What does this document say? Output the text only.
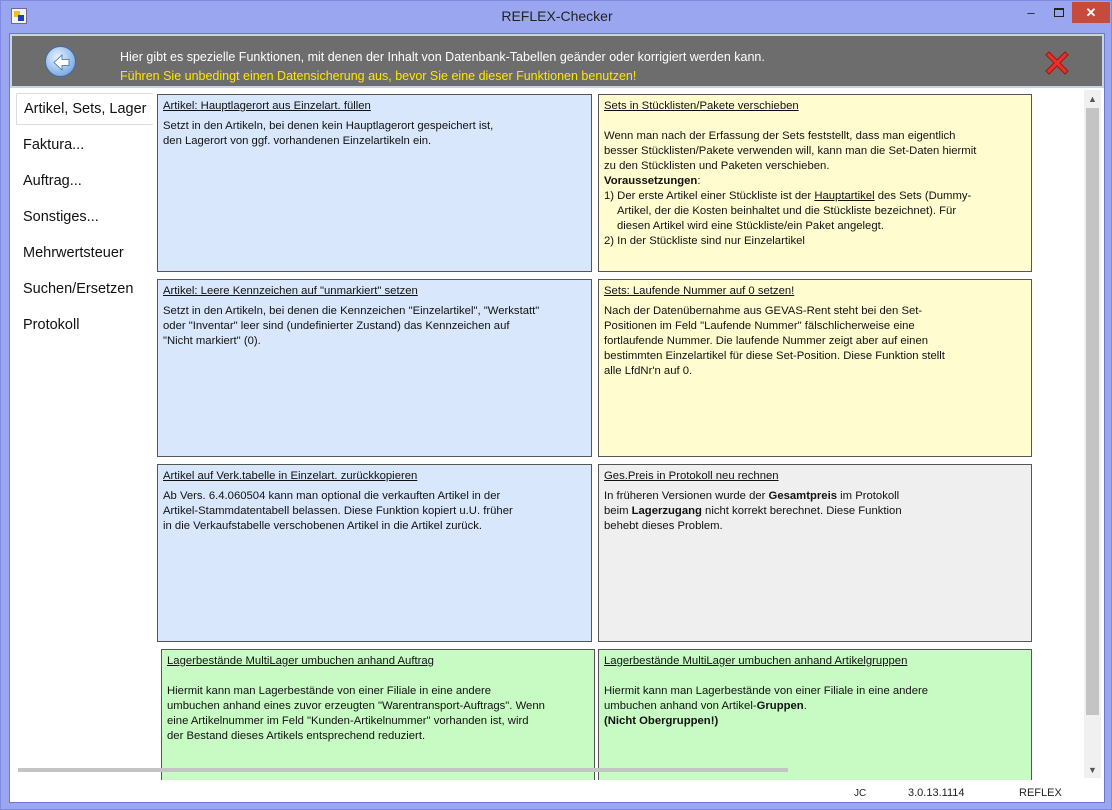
REFLEX-Checker	–	✕
Hier gibt es spezielle Funktionen, mit denen der Inhalt von Datenbank-Tabellen geänder oder korrigiert werden kann.
Führen Sie unbedingt einen Datensicherung aus, bevor Sie eine dieser Funktionen benutzen!
Artikel, Sets, Lager
Faktura...
Auftrag...
Sonstiges...
Mehrwertsteuer
Suchen/Ersetzen
Protokoll
Artikel: Hauptlagerort aus Einzelart. füllen

Setzt in den Artikeln, bei denen kein Hauptlagerort gespeichert ist,

den Lagerort von ggf. vorhandenen Einzelartikeln ein.

Sets in Stücklisten/Pakete verschieben

Wenn man nach der Erfassung der Sets feststellt, dass man eigentlich

besser Stücklisten/Pakete verwenden will, kann man die Set-Daten hiermit

zu den Stücklisten und Paketen verschieben.

Voraussetzungen:

1) Der erste Artikel einer Stückliste ist der Hauptartikel des Sets (Dummy-

Artikel, der die Kosten beinhaltet und die Stückliste bezeichnet). Für

diesen Artikel wird eine Stückliste/ein Paket angelegt.

2) In der Stückliste sind nur Einzelartikel

Artikel: Leere Kennzeichen auf "unmarkiert" setzen

Setzt in den Artikeln, bei denen die Kennzeichen "Einzelartikel", "Werkstatt"

oder "Inventar" leer sind (undefinierter Zustand) das Kennzeichen auf

"Nicht markiert" (0).

Sets: Laufende Nummer auf 0 setzen!

Nach der Datenübernahme aus GEVAS-Rent steht bei den Set-

Positionen im Feld "Laufende Nummer" fälschlicherweise eine

fortlaufende Nummer. Die laufende Nummer zeigt aber auf einen

bestimmten Einzelartikel für diese Set-Position. Diese Funktion stellt

alle LfdNr'n auf 0.

Artikel auf Verk.tabelle in Einzelart. zurückkopieren

Ab Vers. 6.4.060504 kann man optional die verkauften Artikel in der

Artikel-Stammdatentabell belassen. Diese Funktion kopiert u.U. früher

in die Verkaufstabelle verschobenen Artikel in die Artikel zurück.

Ges.Preis in Protokoll neu rechnen

In früheren Versionen wurde der Gesamtpreis im Protokoll

beim Lagerzugang nicht korrekt berechnet. Diese Funktion

behebt dieses Problem.

Lagerbestände MultiLager umbuchen anhand Auftrag

Hiermit kann man Lagerbestände von einer Filiale in eine andere

umbuchen anhand eines zuvor erzeugten "Warentransport-Auftrags". Wenn

eine Artikelnummer im Feld "Kunden-Artikelnummer" vorhanden ist, wird

der Bestand dieses Artikels entsprechend reduziert.

Lagerbestände MultiLager umbuchen anhand Artikelgruppen

Hiermit kann man Lagerbestände von einer Filiale in eine andere

umbuchen anhand von Artikel-Gruppen.

(Nicht Obergruppen!)

▲
▼
JC	3.0.13.1114	REFLEX
